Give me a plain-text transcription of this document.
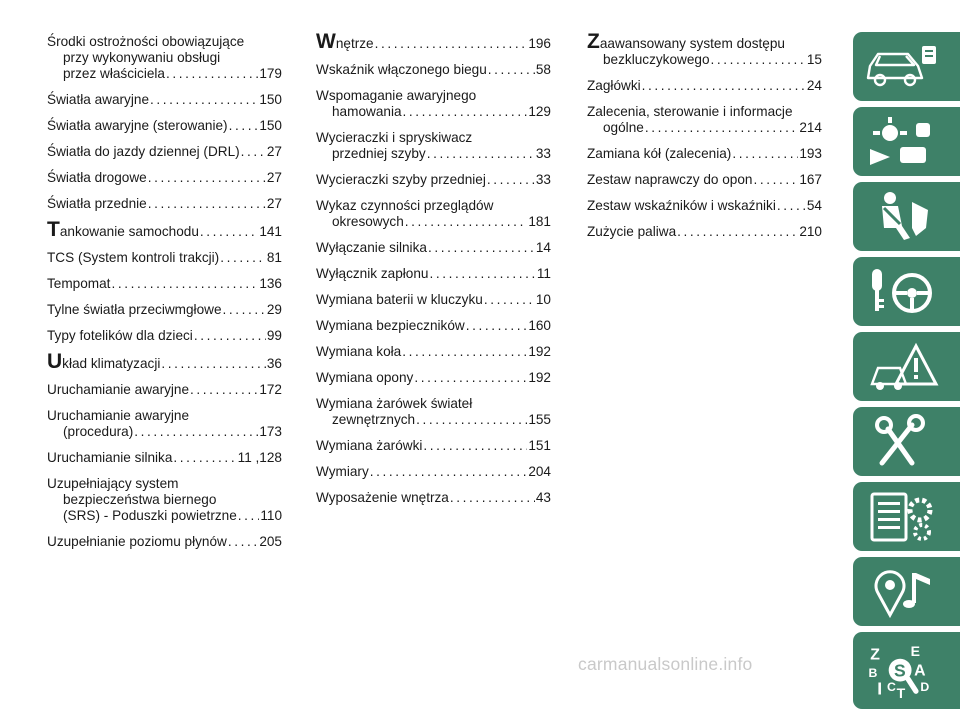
Środki ostrożności obowiązujące
przy wykonywaniu obsługi
przez właściciela .....	179
Światła awaryjne .....	150
Światła awaryjne (sterowanie) ..... 150
Światła do jazdy dziennej (DRL) ..... 27
Światła drogowe .....	27
Światła przednie .....	27
Tankowanie samochodu .....	141
TCS (System kontroli trakcji) .....	81
Tempomat .....	136
Tylne światła przeciwmgłowe .....	29
Typy fotelików dla dzieci .....	99
Układ klimatyzacji .....	36
Uruchamianie awaryjne .....	172
Uruchamianie awaryjne
(procedura) .....	173
Uruchamianie silnika .....	11 ,128
Uzupełniający system
bezpieczeństwa biernego
(SRS) - Poduszki powietrzne ..... 110
Uzupełnianie poziomu płynów ..... 205
Wnętrze .....	196
Wskaźnik włączonego biegu .....	58
Wspomaganie awaryjnego
hamowania .....	129
Wycieraczki i spryskiwacz
przedniej szyby .....	33
Wycieraczki szyby przedniej .....	33
Wykaz czynności przeglądów
okresowych .....	181
Wyłączanie silnika .....	14
Wyłącznik zapłonu .....	11
Wymiana baterii w kluczyku .....	10
Wymiana bezpieczników .....	160
Wymiana koła .....	192
Wymiana opony .....	192
Wymiana żarówek świateł
zewnętrznych .....	155
Wymiana żarówki .....	151
Wymiary .....	204
Wyposażenie wnętrza .....	43
Zaawansowany system dostępu
bezkluczykowego .....	15
Zagłówki .....	24
Zalecenia, sterowanie i informacje
ogólne .....	214
Zamiana kół (zalecenia) .....	193
Zestaw naprawczy do opon .....	167
Zestaw wskaźników i wskaźniki ..... 54
Zużycie paliwa .....	210
Z E
B A
I C T D
S
carmanualsonline.info
